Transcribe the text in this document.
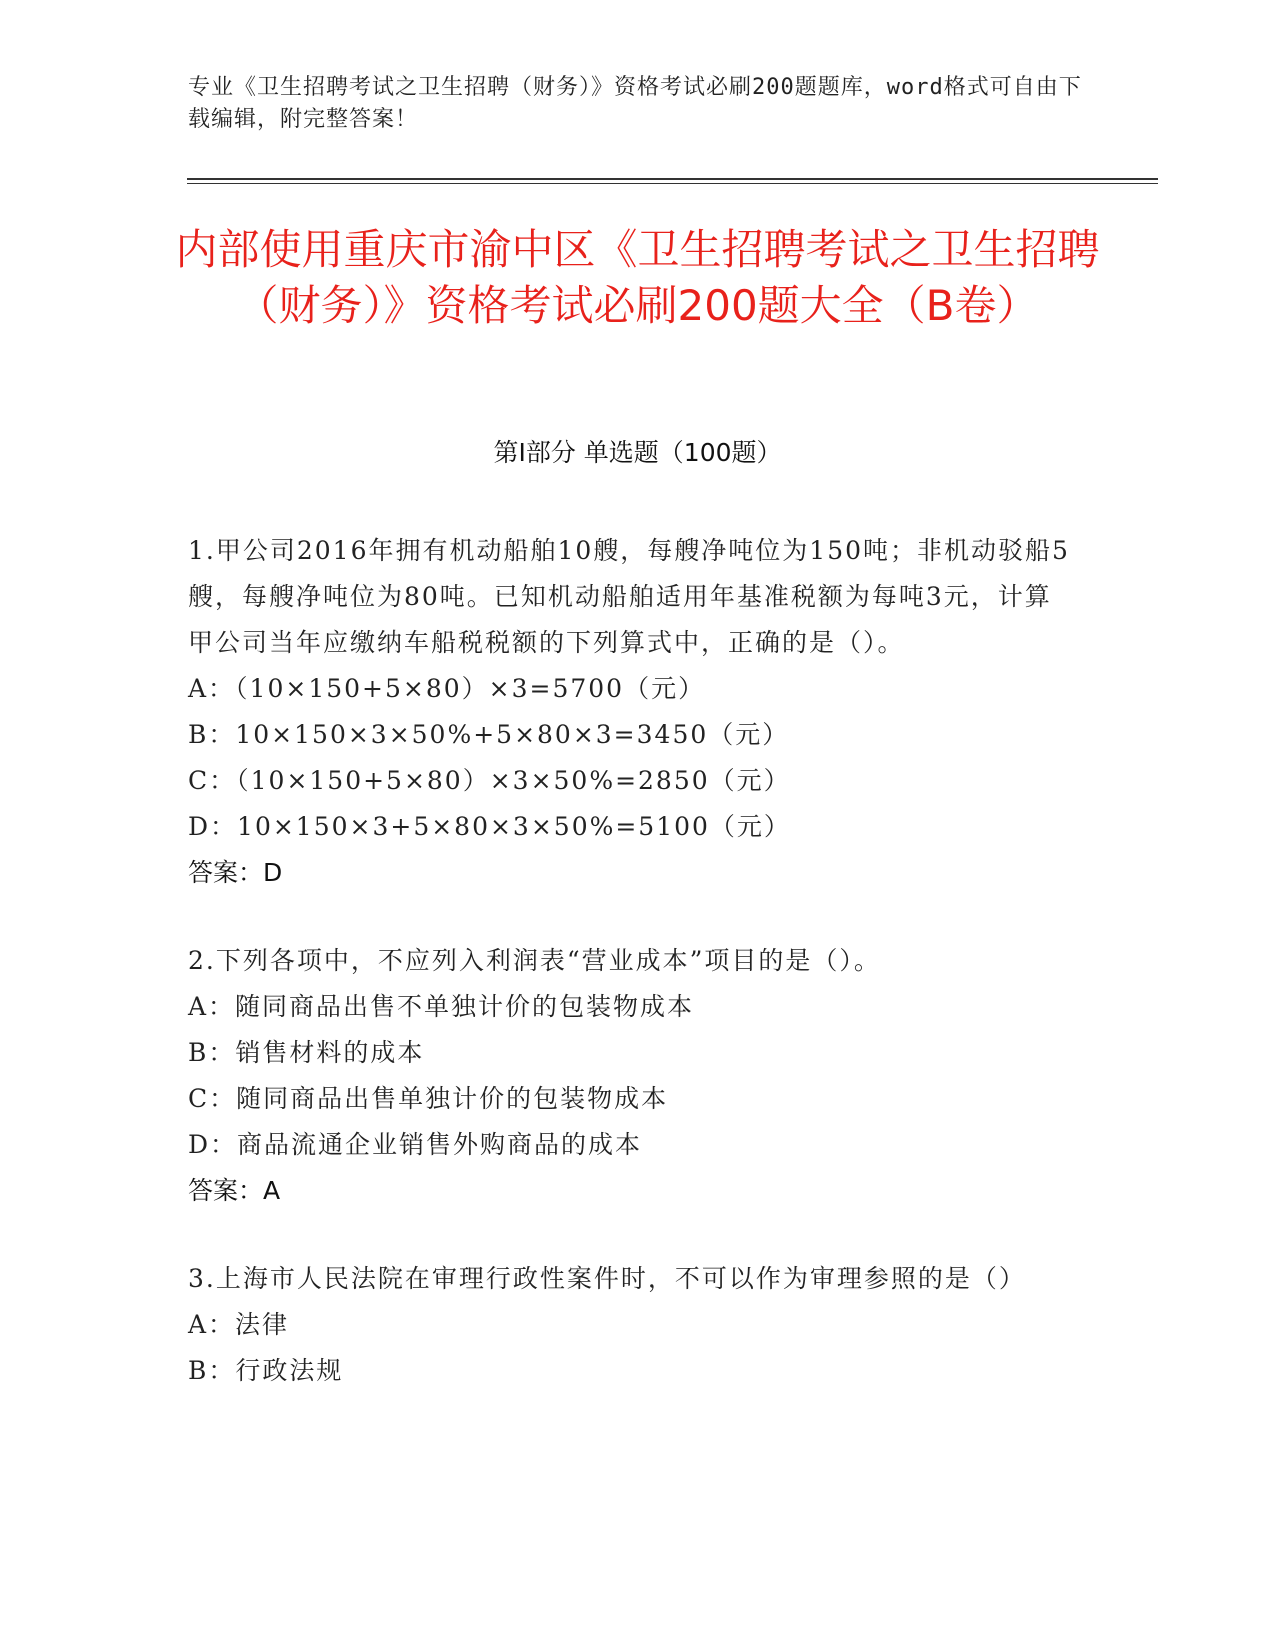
专业《卫生招聘考试之卫生招聘（财务）》资格考试必刷200题题库，word格式可自由下载编辑，附完整答案！
内部使用重庆市渝中区《卫生招聘考试之卫生招聘（财务）》资格考试必刷200题大全（B卷）
第Ⅰ部分 单选题（100题）
1.甲公司2016年拥有机动船舶10艘，每艘净吨位为150吨；非机动驳船5艘，每艘净吨位为80吨。已知机动船舶适用年基准税额为每吨3元，计算甲公司当年应缴纳车船税税额的下列算式中，正确的是（）。
A：（10×150+5×80）×3=5700（元）
B：10×150×3×50%+5×80×3=3450（元）
C：（10×150+5×80）×3×50%=2850（元）
D：10×150×3+5×80×3×50%=5100（元）
答案：D
2.下列各项中，不应列入利润表“营业成本”项目的是（）。
A：随同商品出售不单独计价的包装物成本
B：销售材料的成本
C：随同商品出售单独计价的包装物成本
D：商品流通企业销售外购商品的成本
答案：A
3.上海市人民法院在审理行政性案件时，不可以作为审理参照的是（）
A：法律
B：行政法规
